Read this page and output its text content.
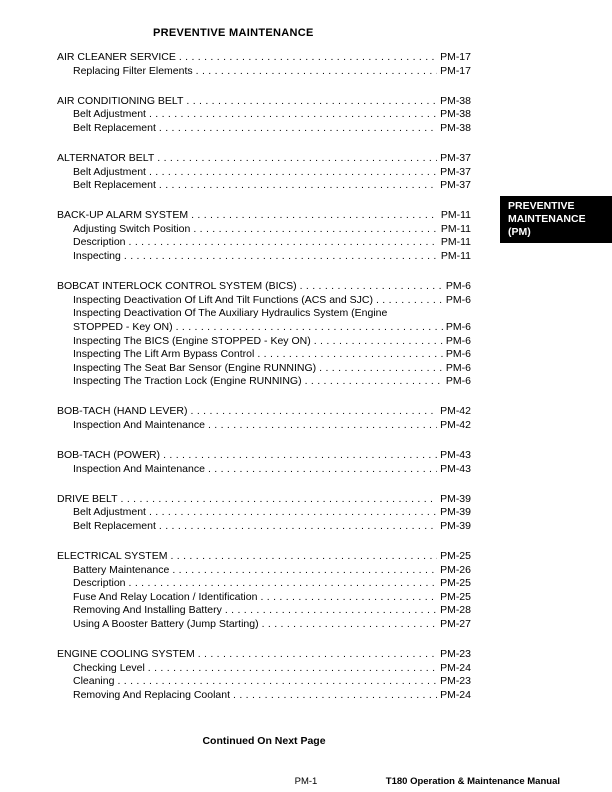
PREVENTIVE MAINTENANCE
PREVENTIVE
MAINTENANCE
(PM)
AIR CLEANER SERVICE .....	PM-17
Replacing Filter Elements .....	PM-17
AIR CONDITIONING BELT .....	PM-38
Belt Adjustment .....	PM-38
Belt Replacement .....	PM-38
ALTERNATOR BELT .....	PM-37
Belt Adjustment .....	PM-37
Belt Replacement .....	PM-37
BACK-UP ALARM SYSTEM .....	PM-11
Adjusting Switch Position .....	PM-11
Description .....	PM-11
Inspecting .....	PM-11
BOBCAT INTERLOCK CONTROL SYSTEM (BICS) .....	PM-6
Inspecting Deactivation Of Lift And Tilt Functions (ACS and SJC) .....	PM-6
Inspecting Deactivation Of The Auxiliary Hydraulics System (Engine
STOPPED - Key ON) .....	PM-6
Inspecting The BICS (Engine STOPPED - Key ON) .....	PM-6
Inspecting The Lift Arm Bypass Control .....	PM-6
Inspecting The Seat Bar Sensor (Engine RUNNING) .....	PM-6
Inspecting The Traction Lock (Engine RUNNING) .....	PM-6
BOB-TACH (HAND LEVER) .....	PM-42
Inspection And Maintenance .....	PM-42
BOB-TACH (POWER) .....	PM-43
Inspection And Maintenance .....	PM-43
DRIVE BELT .....	PM-39
Belt Adjustment .....	PM-39
Belt Replacement .....	PM-39
ELECTRICAL SYSTEM .....	PM-25
Battery Maintenance .....	PM-26
Description .....	PM-25
Fuse And Relay Location / Identification .....	PM-25
Removing And Installing Battery .....	PM-28
Using A Booster Battery (Jump Starting) .....	PM-27
ENGINE COOLING SYSTEM .....	PM-23
Checking Level .....	PM-24
Cleaning .....	PM-23
Removing And Replacing Coolant .....	PM-24
Continued On Next Page
PM-1	T180 Operation & Maintenance Manual
